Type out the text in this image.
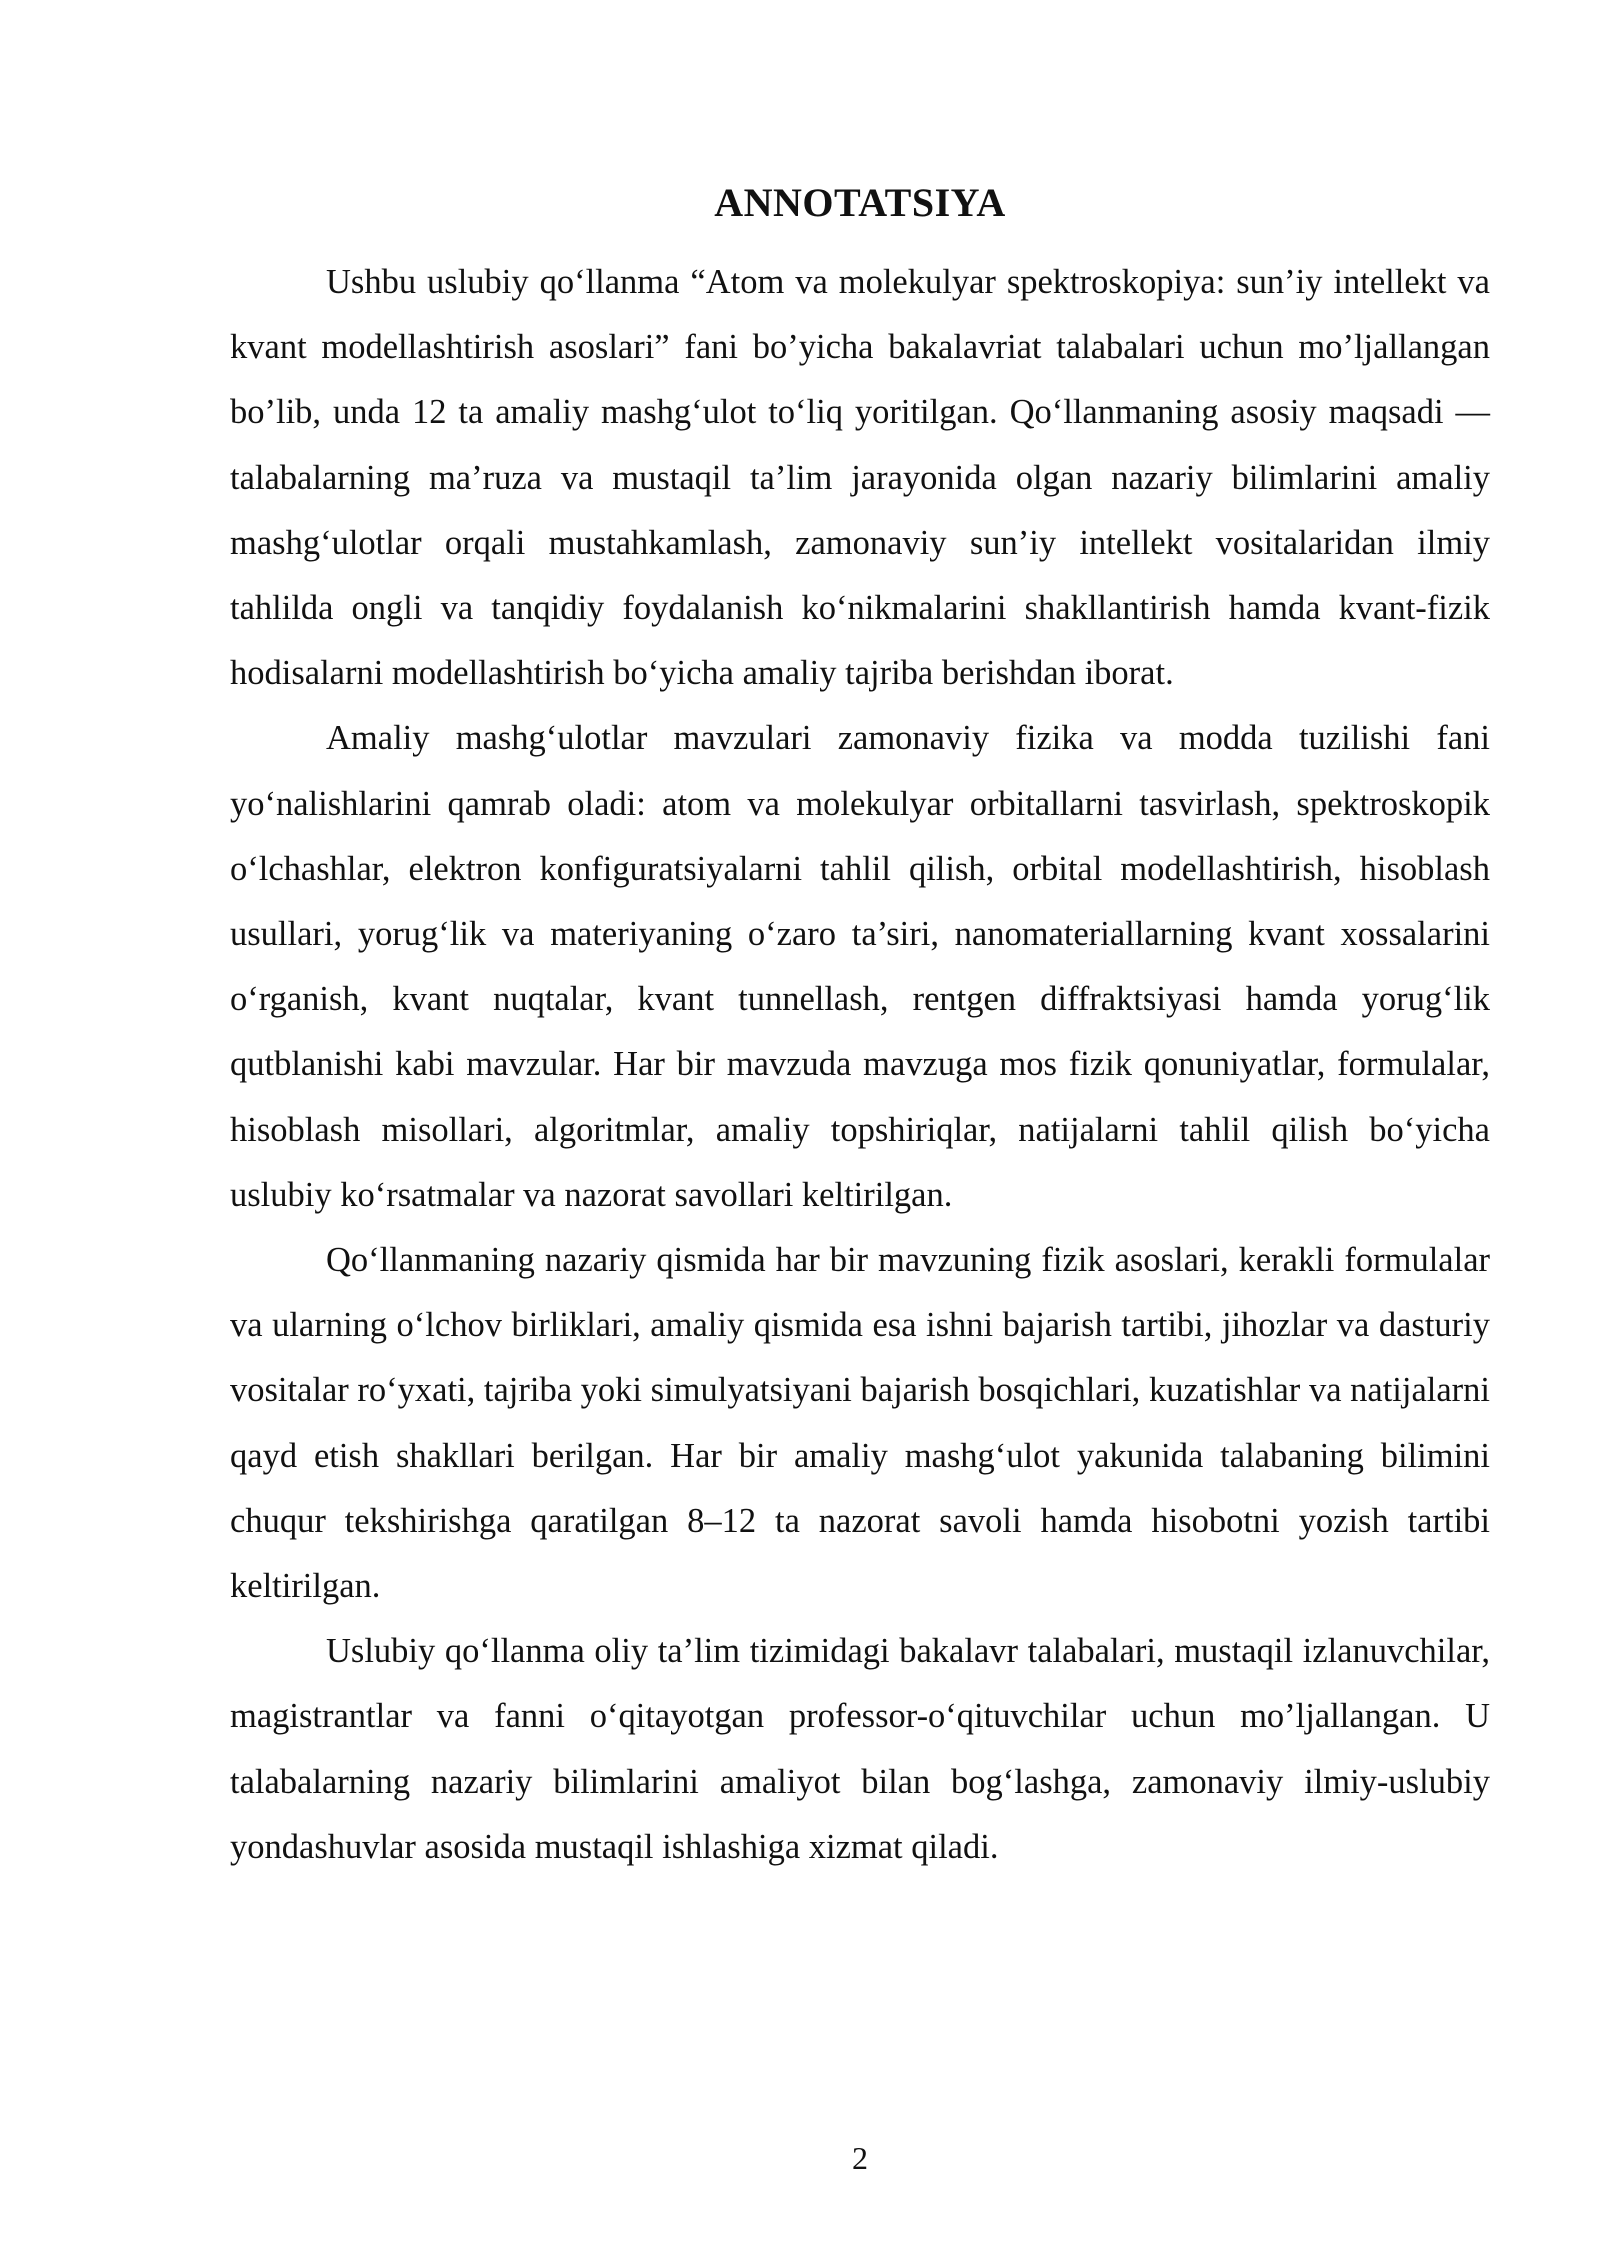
ANNOTATSIYA

Ushbu uslubiy qo‘llanma “Atom va molekulyar spektroskopiya: sun’iy intellekt va kvant modellashtirish asoslari” fani bo’yicha bakalavriat talabalari uchun mo’ljallangan bo’lib, unda 12 ta amaliy mashg‘ulot to‘liq yoritilgan. Qo‘llanmaning asosiy maqsadi — talabalarning ma’ruza va mustaqil ta’lim jarayonida olgan nazariy bilimlarini amaliy mashg‘ulotlar orqali mustahkamlash, zamonaviy sun’iy intellekt vositalaridan ilmiy tahlilda ongli va tanqidiy foydalanish ko‘nikmalarini shakllantirish hamda kvant-fizik hodisalarni modellashtirish bo‘yicha amaliy tajriba berishdan iborat.

Amaliy mashg‘ulotlar mavzulari zamonaviy fizika va modda tuzilishi fani yo‘nalishlarini qamrab oladi: atom va molekulyar orbitallarni tasvirlash, spektroskopik o‘lchashlar, elektron konfiguratsiyalarni tahlil qilish, orbital modellashtirish, hisoblash usullari, yorug‘lik va materiyaning o‘zaro ta’siri, nanomateriallarning kvant xossalarini o‘rganish, kvant nuqtalar, kvant tunnellash, rentgen diffraktsiyasi hamda yorug‘lik qutblanishi kabi mavzular. Har bir mavzuda mavzuga mos fizik qonuniyatlar, formulalar, hisoblash misollari, algoritmlar, amaliy topshiriqlar, natijalarni tahlil qilish bo‘yicha uslubiy ko‘rsatmalar va nazorat savollari keltirilgan.

Qo‘llanmaning nazariy qismida har bir mavzuning fizik asoslari, kerakli formulalar va ularning o‘lchov birliklari, amaliy qismida esa ishni bajarish tartibi, jihozlar va dasturiy vositalar ro‘yxati, tajriba yoki simulyatsiyani bajarish bosqichlari, kuzatishlar va natijalarni qayd etish shakllari berilgan. Har bir amaliy mashg‘ulot yakunida talabaning bilimini chuqur tekshirishga qaratilgan 8–12 ta nazorat savoli hamda hisobotni yozish tartibi keltirilgan.

Uslubiy qo‘llanma oliy ta’lim tizimidagi bakalavr talabalari, mustaqil izlanuvchilar, magistrantlar va fanni o‘qitayotgan professor-o‘qituvchilar uchun mo’ljallangan. U talabalarning nazariy bilimlarini amaliyot bilan bog‘lashga, zamonaviy ilmiy-uslubiy yondashuvlar asosida mustaqil ishlashiga xizmat qiladi.

2
